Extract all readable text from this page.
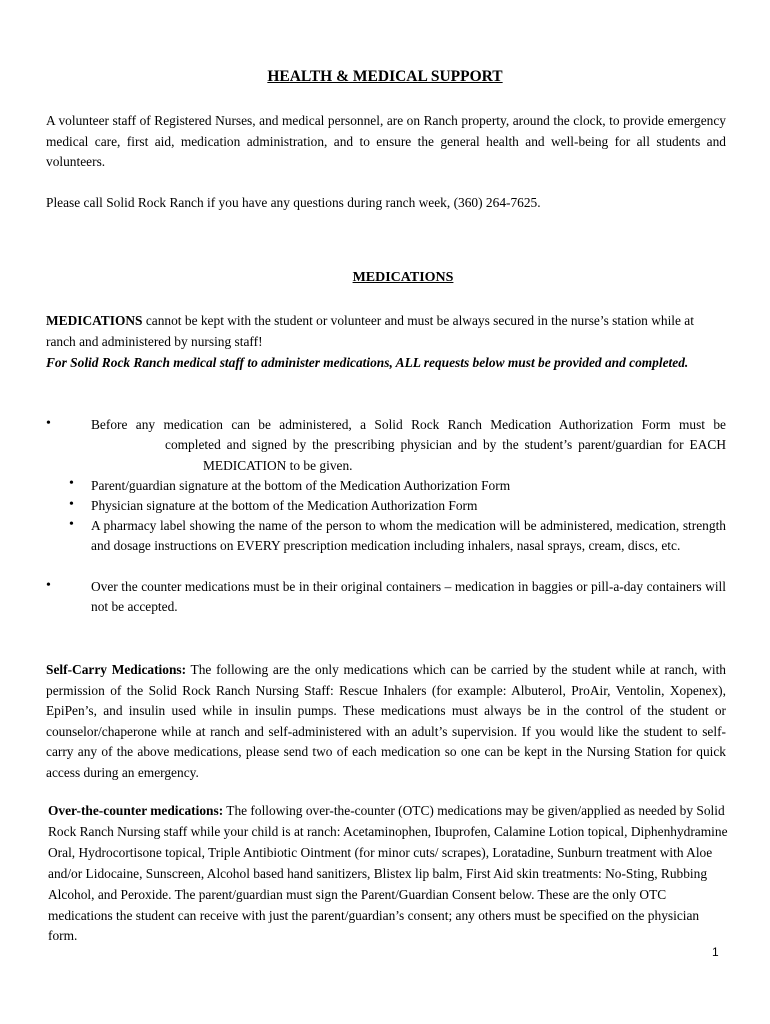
HEALTH & MEDICAL SUPPORT

A volunteer staff of Registered Nurses, and medical personnel, are on Ranch property, around the clock, to provide emergency medical care, first aid, medication administration, and to ensure the general health and well-being for all students and volunteers.

Please call Solid Rock Ranch if you have any questions during ranch week, (360) 264-7625.

MEDICATIONS

MEDICATIONS cannot be kept with the student or volunteer and must be always secured in the nurse’s station while at ranch and administered by nursing staff!

For Solid Rock Ranch medical staff to administer medications, ALL requests below must be provided and completed.

•	Before any medication can be administered, a Solid Rock Ranch Medication Authorization Form must becompleted and signed by the prescribing physician and by the student’s parent/guardian for EACHMEDICATION to be given.

• Parent/guardian signature at the bottom of the Medication Authorization Form

• Physician signature at the bottom of the Medication Authorization Form

• A pharmacy label showing the name of the person to whom the medication will be administered, medication, strength and dosage instructions on EVERY prescription medication including inhalers, nasal sprays, cream, discs, etc.

•	Over the counter medications must be in their original containers – medication in baggies or pill-a-day containers will not be accepted.

Self-Carry Medications: The following are the only medications which can be carried by the student while at ranch, with permission of the Solid Rock Ranch Nursing Staff: Rescue Inhalers (for example: Albuterol, ProAir, Ventolin, Xopenex), EpiPen’s, and insulin used while in insulin pumps. These medications must always be in the control of the student or counselor/chaperone while at ranch and self-administered with an adult’s supervision. If you would like the student to self-carry any of the above medications, please send two of each medication so one can be kept in the Nursing Station for quick access during an emergency.

Over-the-counter medications: The following over-the-counter (OTC) medications may be given/applied as needed by Solid Rock Ranch Nursing staff while your child is at ranch: Acetaminophen, Ibuprofen, Calamine Lotion topical, Diphenhydramine Oral, Hydrocortisone topical, Triple Antibiotic Ointment (for minor cuts/ scrapes), Loratadine, Sunburn treatment with Aloe and/or Lidocaine, Sunscreen, Alcohol based hand sanitizers, Blistex lip balm, First Aid skin treatments: No-Sting, Rubbing Alcohol, and Peroxide. The parent/guardian must sign the Parent/Guardian Consent below. These are the only OTC medications the student can receive with just the parent/guardian’s consent; any others must be specified on the physician form.

1
